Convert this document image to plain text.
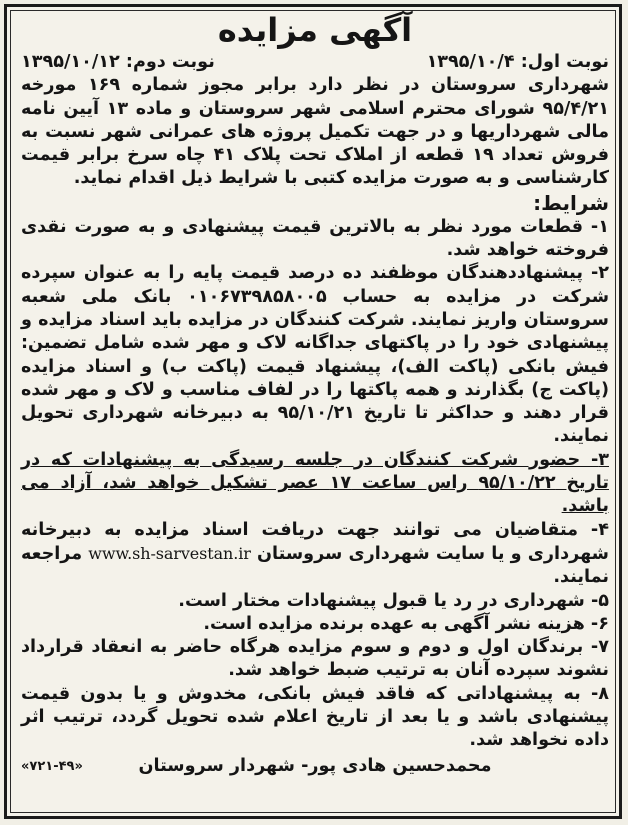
آگهی مزایده
نوبت اول: ۱۳۹۵/۱۰/۴
نوبت دوم: ۱۳۹۵/۱۰/۱۲

شهرداری سروستان در نظر دارد برابر مجوز شماره ۱۶۹ مورخه ۹۵/۴/۲۱ شورای محترم اسلامی شهر سروستان و ماده ۱۳ آیین نامه مالی شهرداریها و در جهت تکمیل پروژه های عمرانی شهر نسبت به فروش تعداد ۱۹ قطعه از املاک تحت پلاک ۴۱ چاه سرخ برابر قیمت کارشناسی و به صورت مزایده کتبی با شرایط ذیل اقدام نماید.

شرایط:

۱- قطعات مورد نظر به بالاترین قیمت پیشنهادی و به صورت نقدی فروخته خواهد شد.

۲- پیشنهاددهندگان موظفند ده درصد قیمت پایه را به عنوان سپرده شرکت در مزایده به حساب ۰۱۰۶۷۳۹۸۵۸۰۰۵ بانک ملی شعبه سروستان واریز نمایند. شرکت کنندگان در مزایده باید اسناد مزایده و پیشنهادی خود را در پاکتهای جداگانه لاک و مهر شده شامل تضمین: فیش بانکی (پاکت الف)، پیشنهاد قیمت (پاکت ب) و اسناد مزایده (پاکت ج) بگذارند و همه پاکتها را در لفاف مناسب و لاک و مهر شده قرار دهند و حداکثر تا تاریخ ۹۵/۱۰/۲۱ به دبیرخانه شهرداری تحویل نمایند.

۳- حضور شرکت کنندگان در جلسه رسیدگی به پیشنهادات که در تاریخ ۹۵/۱۰/۲۲ راس ساعت ۱۷ عصر تشکیل خواهد شد، آزاد می باشد.

۴- متقاضیان می توانند جهت دریافت اسناد مزایده به دبیرخانه شهرداری و یا سایت شهرداری سروستان www.sh-sarvestan.ir مراجعه نمایند.

۵- شهرداری در رد یا قبول پیشنهادات مختار است.

۶- هزینه نشر آگهی به عهده برنده مزایده است.

۷- برندگان اول و دوم و سوم مزایده هرگاه حاضر به انعقاد قرارداد نشوند سپرده آنان به ترتیب ضبط خواهد شد.

۸- به پیشنهاداتی که فاقد فیش بانکی، مخدوش و یا بدون قیمت پیشنهادی باشد و یا بعد از تاریخ اعلام شده تحویل گردد، ترتیب اثر داده نخواهد شد.

محمدحسین هادی پور- شهردار سروستان
«۷۲۱-۴۹»
